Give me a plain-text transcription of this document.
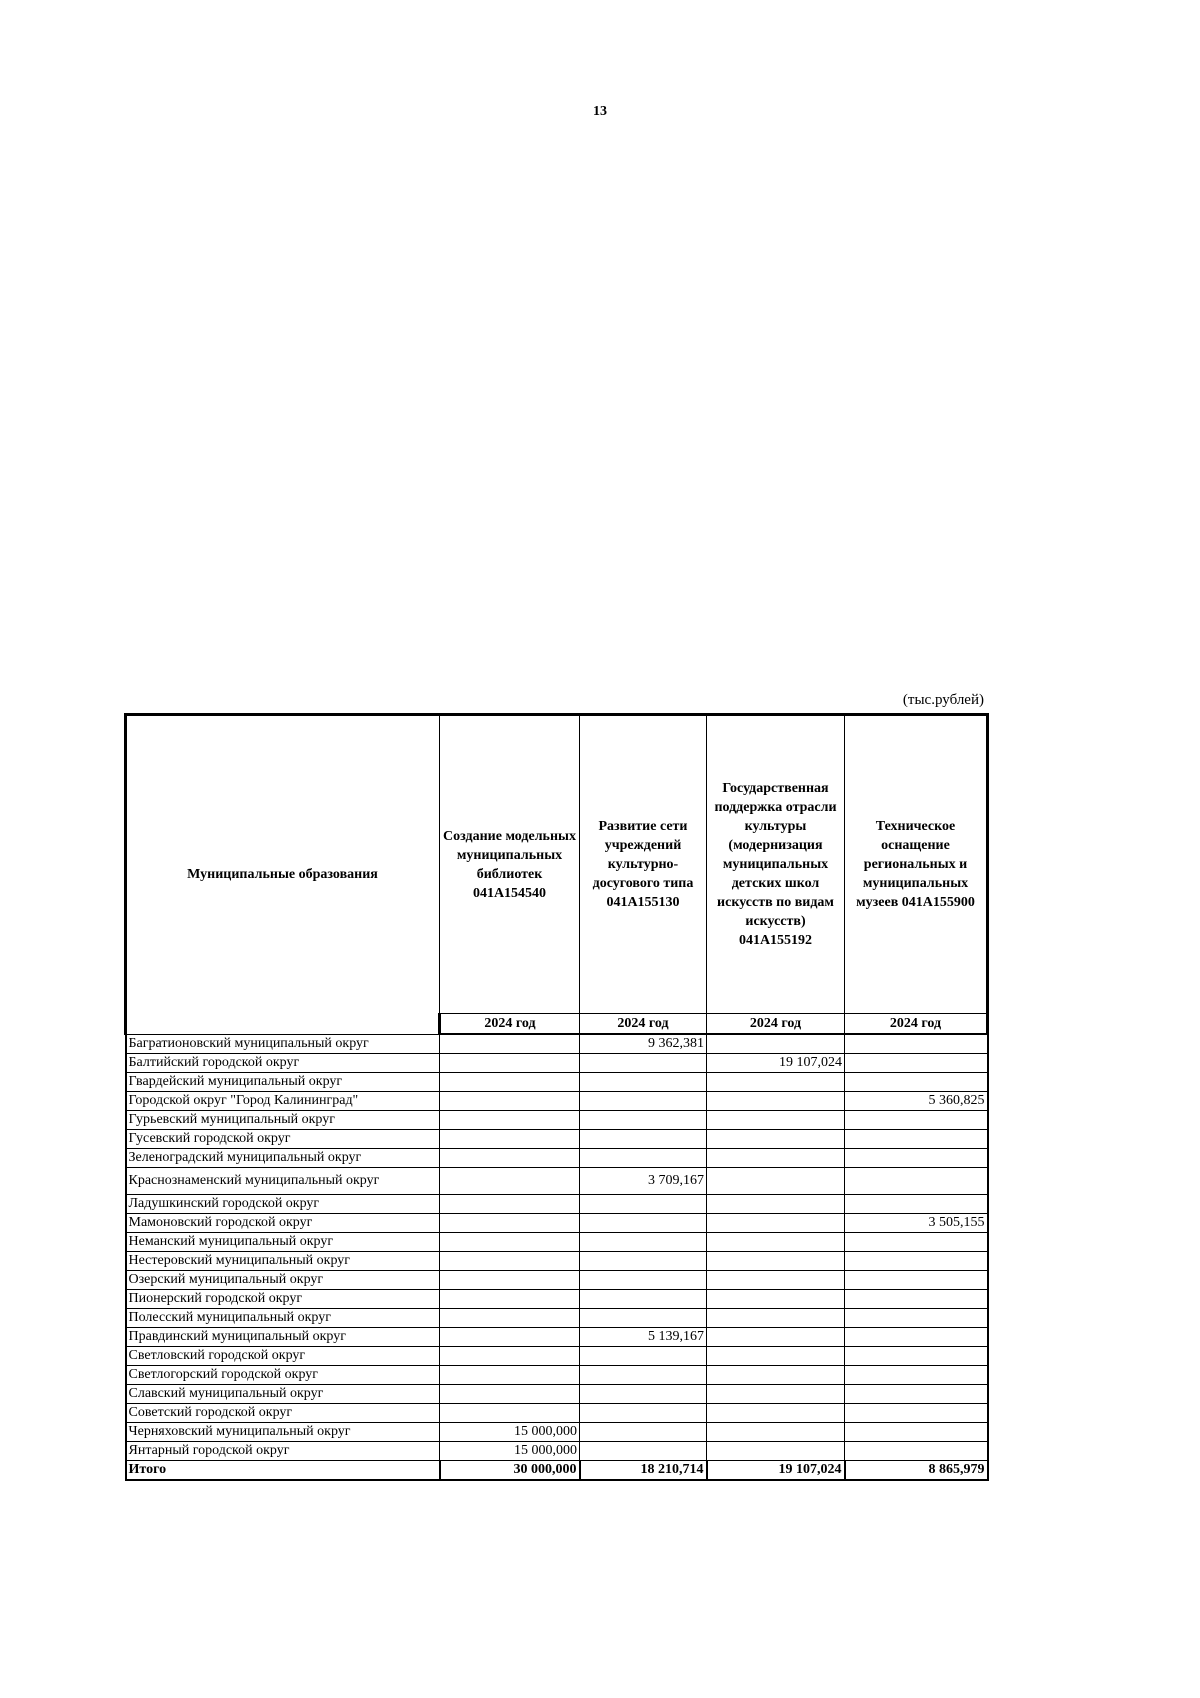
13
(тыс.рублей)
Муниципальные образования	Создание модельных муниципальных библиотек 041А154540	Развитие сети учреждений культурно-досугового типа 041А155130	Государственная поддержка отрасли культуры (модернизация муниципальных детских школ искусств по видам искусств) 041А155192	Техническое оснащение региональных и муниципальных музеев 041А155900
	2024 год	2024 год	2024 год	2024 год
Багратионовский муниципальный округ		9 362,381		
Балтийский городской округ			19 107,024	
Гвардейский муниципальный округ				
Городской округ "Город Калининград"				5 360,825
Гурьевский муниципальный округ				
Гусевский городской округ				
Зеленоградский муниципальный округ				
Краснознаменский муниципальный округ		3 709,167		
Ладушкинский городской округ				
Мамоновский городской округ				3 505,155
Неманский муниципальный округ				
Нестеровский муниципальный округ				
Озерский муниципальный округ				
Пионерский городской округ				
Полесский муниципальный округ				
Правдинский муниципальный округ		5 139,167		
Светловский городской округ				
Светлогорский городской округ				
Славский муниципальный округ				
Советский городской округ				
Черняховский муниципальный округ	15 000,000			
Янтарный городской округ	15 000,000			
Итого	30 000,000	18 210,714	19 107,024	8 865,979
